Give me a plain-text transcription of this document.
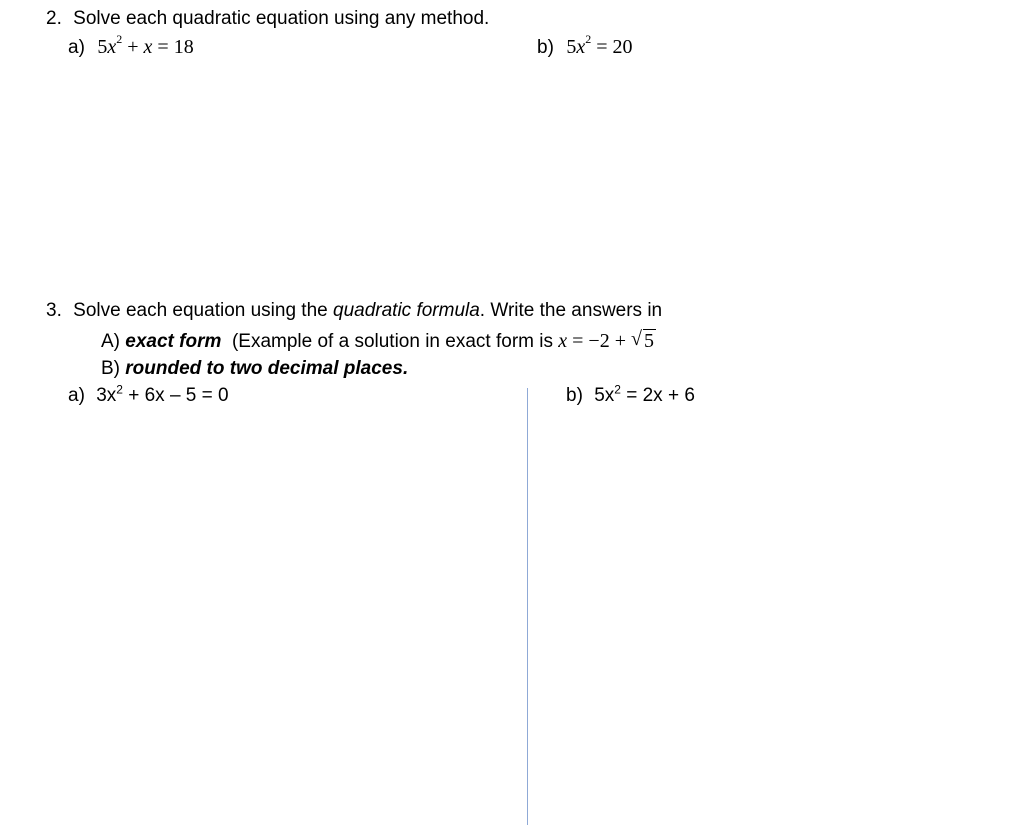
2. Solve each quadratic equation using any method.
a) $5x^2 + x = 18$	b) $5x^2 = 20$
3. Solve each equation using the quadratic formula. Write the answers in
A) exact form  (Example of a solution in exact form is x = −2 + √ 5
B) rounded to two decimal places.
a) $3x^2 + 6x - 5 = 0$	b) $5x^2 = 2x + 6$
